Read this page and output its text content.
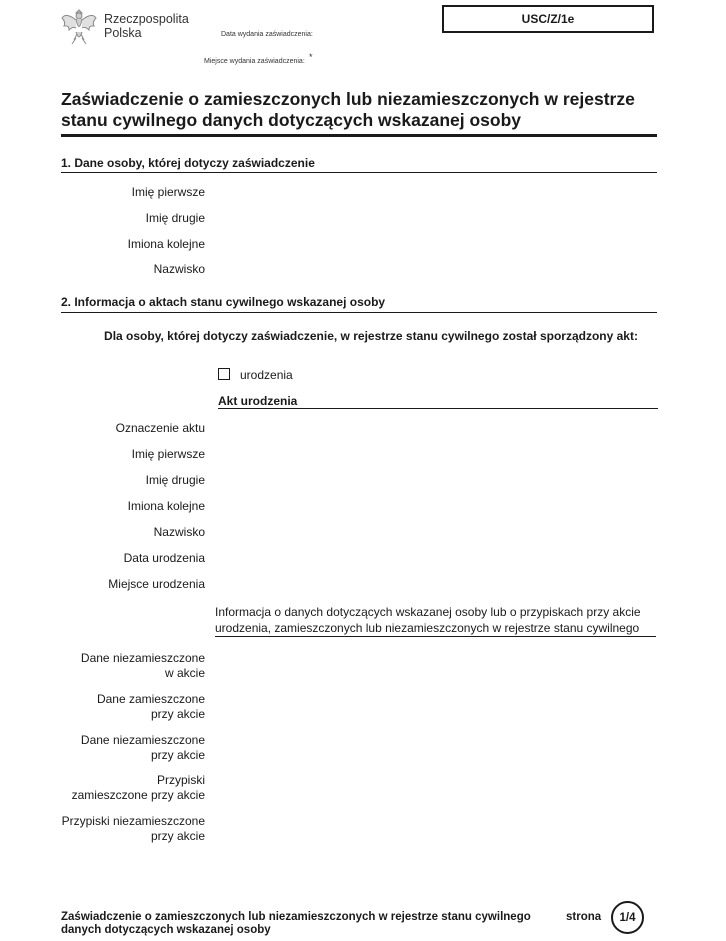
Rzeczpospolita
Polska	Data wydania zaświadczenia:
Miejsce wydania zaświadczenia: *
USC/Z/1e
Zaświadczenie o zamieszczonych lub niezamieszczonych w rejestrze stanu cywilnego danych dotyczących wskazanej osoby
1. Dane osoby, której dotyczy zaświadczenie
Imię pierwsze
Imię drugie
Imiona kolejne
Nazwisko
2. Informacja o aktach stanu cywilnego wskazanej osoby
Dla osoby, której dotyczy zaświadczenie, w rejestrze stanu cywilnego został sporządzony akt:
urodzenia
Akt urodzenia
Oznaczenie aktu
Imię pierwsze
Imię drugie
Imiona kolejne
Nazwisko
Data urodzenia
Miejsce urodzenia
Informacja o danych dotyczących wskazanej osoby lub o przypiskach przy akcie
urodzenia, zamieszczonych lub niezamieszczonych w rejestrze stanu cywilnego
Dane niezamieszczone
w akcie
Dane zamieszczone
przy akcie
Dane niezamieszczone
przy akcie
Przypiski
zamieszczone przy akcie
Przypiski niezamieszczone
przy akcie
Zaświadczenie o zamieszczonych lub niezamieszczonych w rejestrze stanu cywilnego
danych dotyczących wskazanej osoby
strona 1/4
